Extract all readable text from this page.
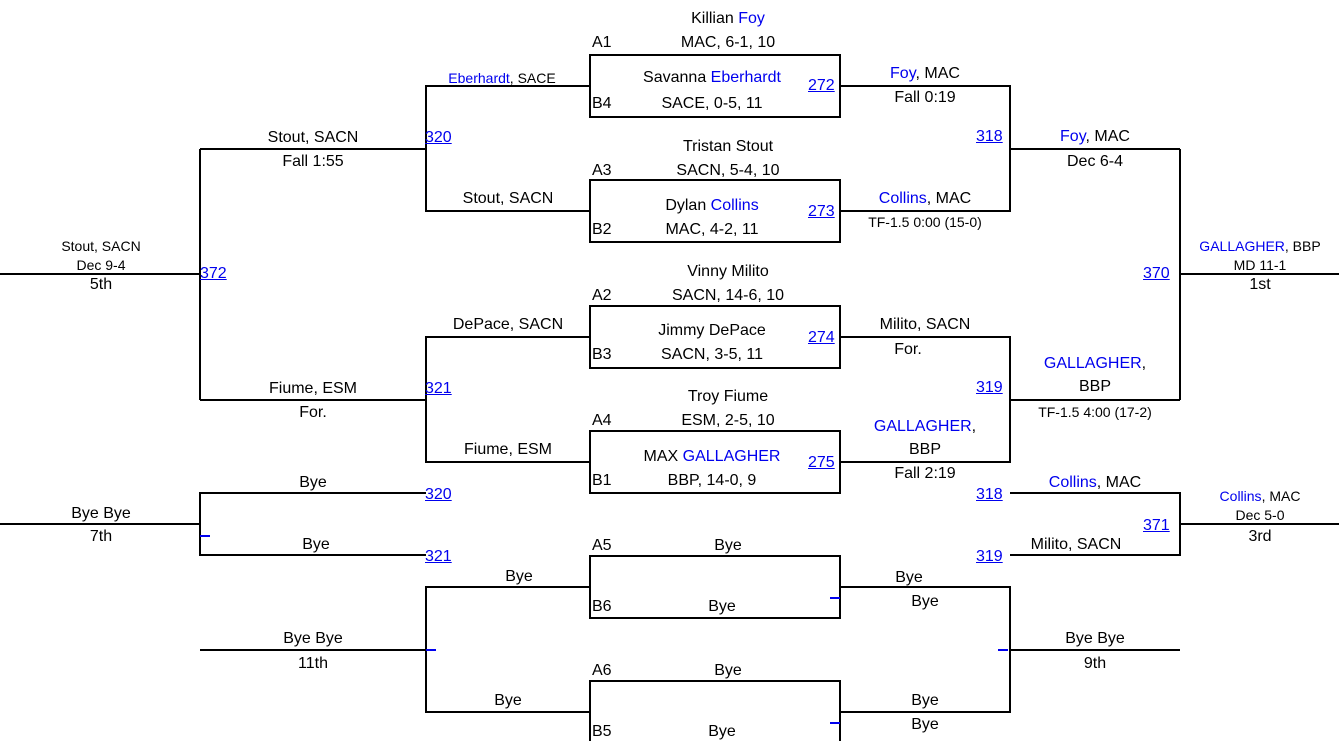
A1
Killian Foy
MAC, 6-1, 10
Savanna Eberhardt
B4	SACE, 0-5, 11
272
Tristan Stout
A3	SACN, 5-4, 10
Dylan Collins
B2	MAC, 4-2, 11
273
Vinny Milito
A2	SACN, 14-6, 10
Jimmy DePace
B3	SACN, 3-5, 11
274
Troy Fiume
A4	ESM, 2-5, 10
MAX GALLAGHER
B1	BBP, 14-0, 9
275
Foy, MAC
Fall 0:19
Collins, MAC
TF-1.5 0:00 (15-0)
Milito, SACN
For.
GALLAGHER,
BBP
Fall 2:19
318	Foy, MAC
Dec 6-4
319
GALLAGHER,
BBP
TF-1.5 4:00 (17-2)
370
GALLAGHER, BBP
MD 11-1
1st
Eberhardt, SACE
320
Stout, SACN
DePace, SACN
321
Fiume, ESM
Stout, SACN
Fall 1:55
Fiume, ESM
For.
372
Stout, SACN
Dec 9-4
5th
Bye
320
Bye
321
Bye Bye
7th
318
Collins, MAC
319
Milito, SACN
371
Collins, MAC
Dec 5-0
3rd
A5	Bye
B6	Bye
Bye	Bye
Bye
Bye Bye
11th
Bye Bye
9th
A6	Bye
Bye	Bye
Bye
B5	Bye
